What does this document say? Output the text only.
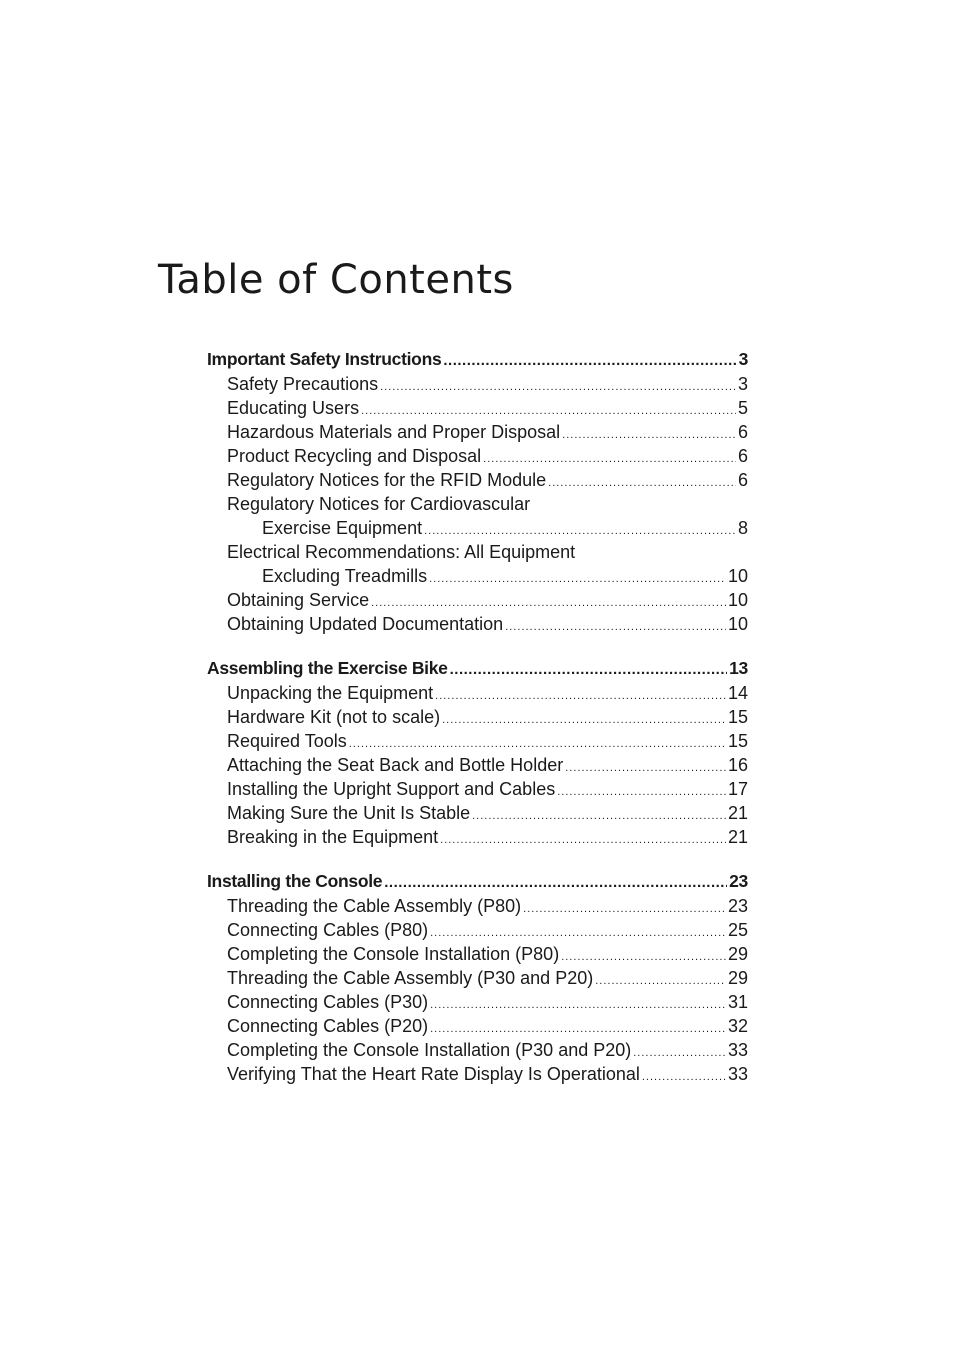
Table of Contents
Important Safety Instructions .....	3
Safety Precautions .....	3
Educating Users .....	5
Hazardous Materials and Proper Disposal .....	6
Product Recycling and Disposal .....	6
Regulatory Notices for the RFID Module .....	6
Regulatory Notices for Cardiovascular
Exercise Equipment .....	8
Electrical Recommendations: All Equipment
Excluding Treadmills .....	10
Obtaining Service .....	10
Obtaining Updated Documentation .....	10
Assembling the Exercise Bike .....	13
Unpacking the Equipment .....	14
Hardware Kit (not to scale) .....	15
Required Tools .....	15
Attaching the Seat Back and Bottle Holder .....	16
Installing the Upright Support and Cables .....	17
Making Sure the Unit Is Stable .....	21
Breaking in the Equipment .....	21
Installing the Console .....	23
Threading the Cable Assembly (P80) .....	23
Connecting Cables (P80) .....	25
Completing the Console Installation (P80) .....	29
Threading the Cable Assembly (P30 and P20) .....	29
Connecting Cables (P30) .....	31
Connecting Cables (P20) .....	32
Completing the Console Installation (P30 and P20) .....	33
Verifying That the Heart Rate Display Is Operational .....	33
